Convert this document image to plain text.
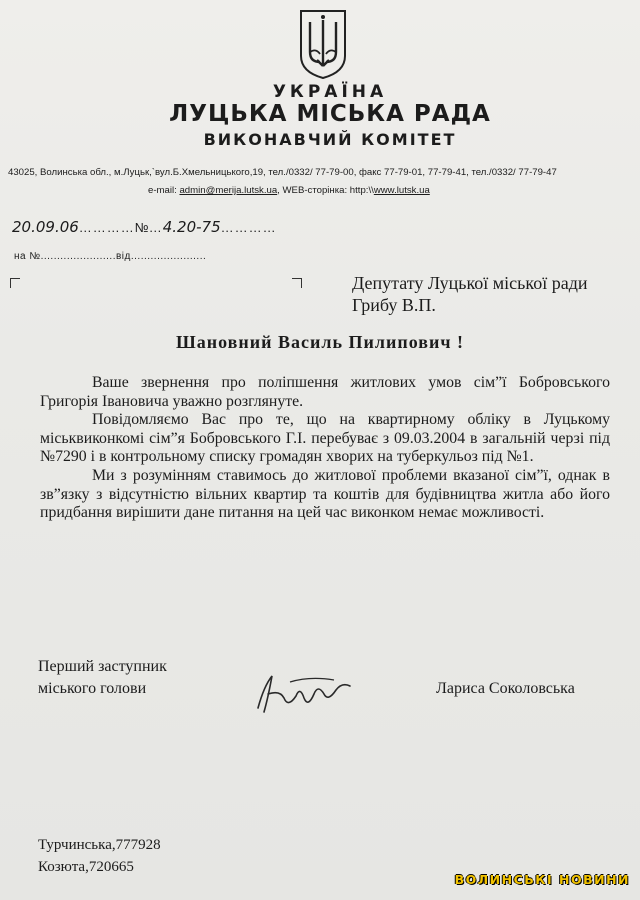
УКРАЇНА
ЛУЦЬКА МІСЬКА РАДА
ВИКОНАВЧИЙ КОМІТЕТ
43025, Волинська обл., м.Луцьк,`вул.Б.Хмельницького,19, тел./0332/ 77-79-00, факс 77-79-01, 77-79-41, тел./0332/ 77-79-47
e-mail: admin@merija.lutsk.ua, WEB-сторінка: http:\\www.lutsk.ua
20.09.06…………№…4.20-75…………
на №.......................від.......................
Депутату Луцької міської ради
Грибу В.П.
Шановний Василь Пилипович !

Ваше звернення про поліпшення житлових умов сім”ї Бобровського Григорія Івановича уважно розглянуте.

Повідомляємо Вас про те, що на квартирному обліку в Луцькому міськвиконкомі сім”я Бобровського Г.І. перебуває з 09.03.2004 в загальній черзі під №7290 і в контрольному списку громадян хворих на туберкульоз під №1.

Ми з розумінням ставимось до житлової проблеми вказаної сім”ї, однак в зв”язку з відсутністю вільних квартир та коштів для будівництва житла або його придбання вирішити дане питання на цей час виконком немає можливості.

Перший заступник
міського голови	Лариса Соколовська
Турчинська,777928
Козюта,720665
ВОЛИНСЬКІ НОВИНИ
